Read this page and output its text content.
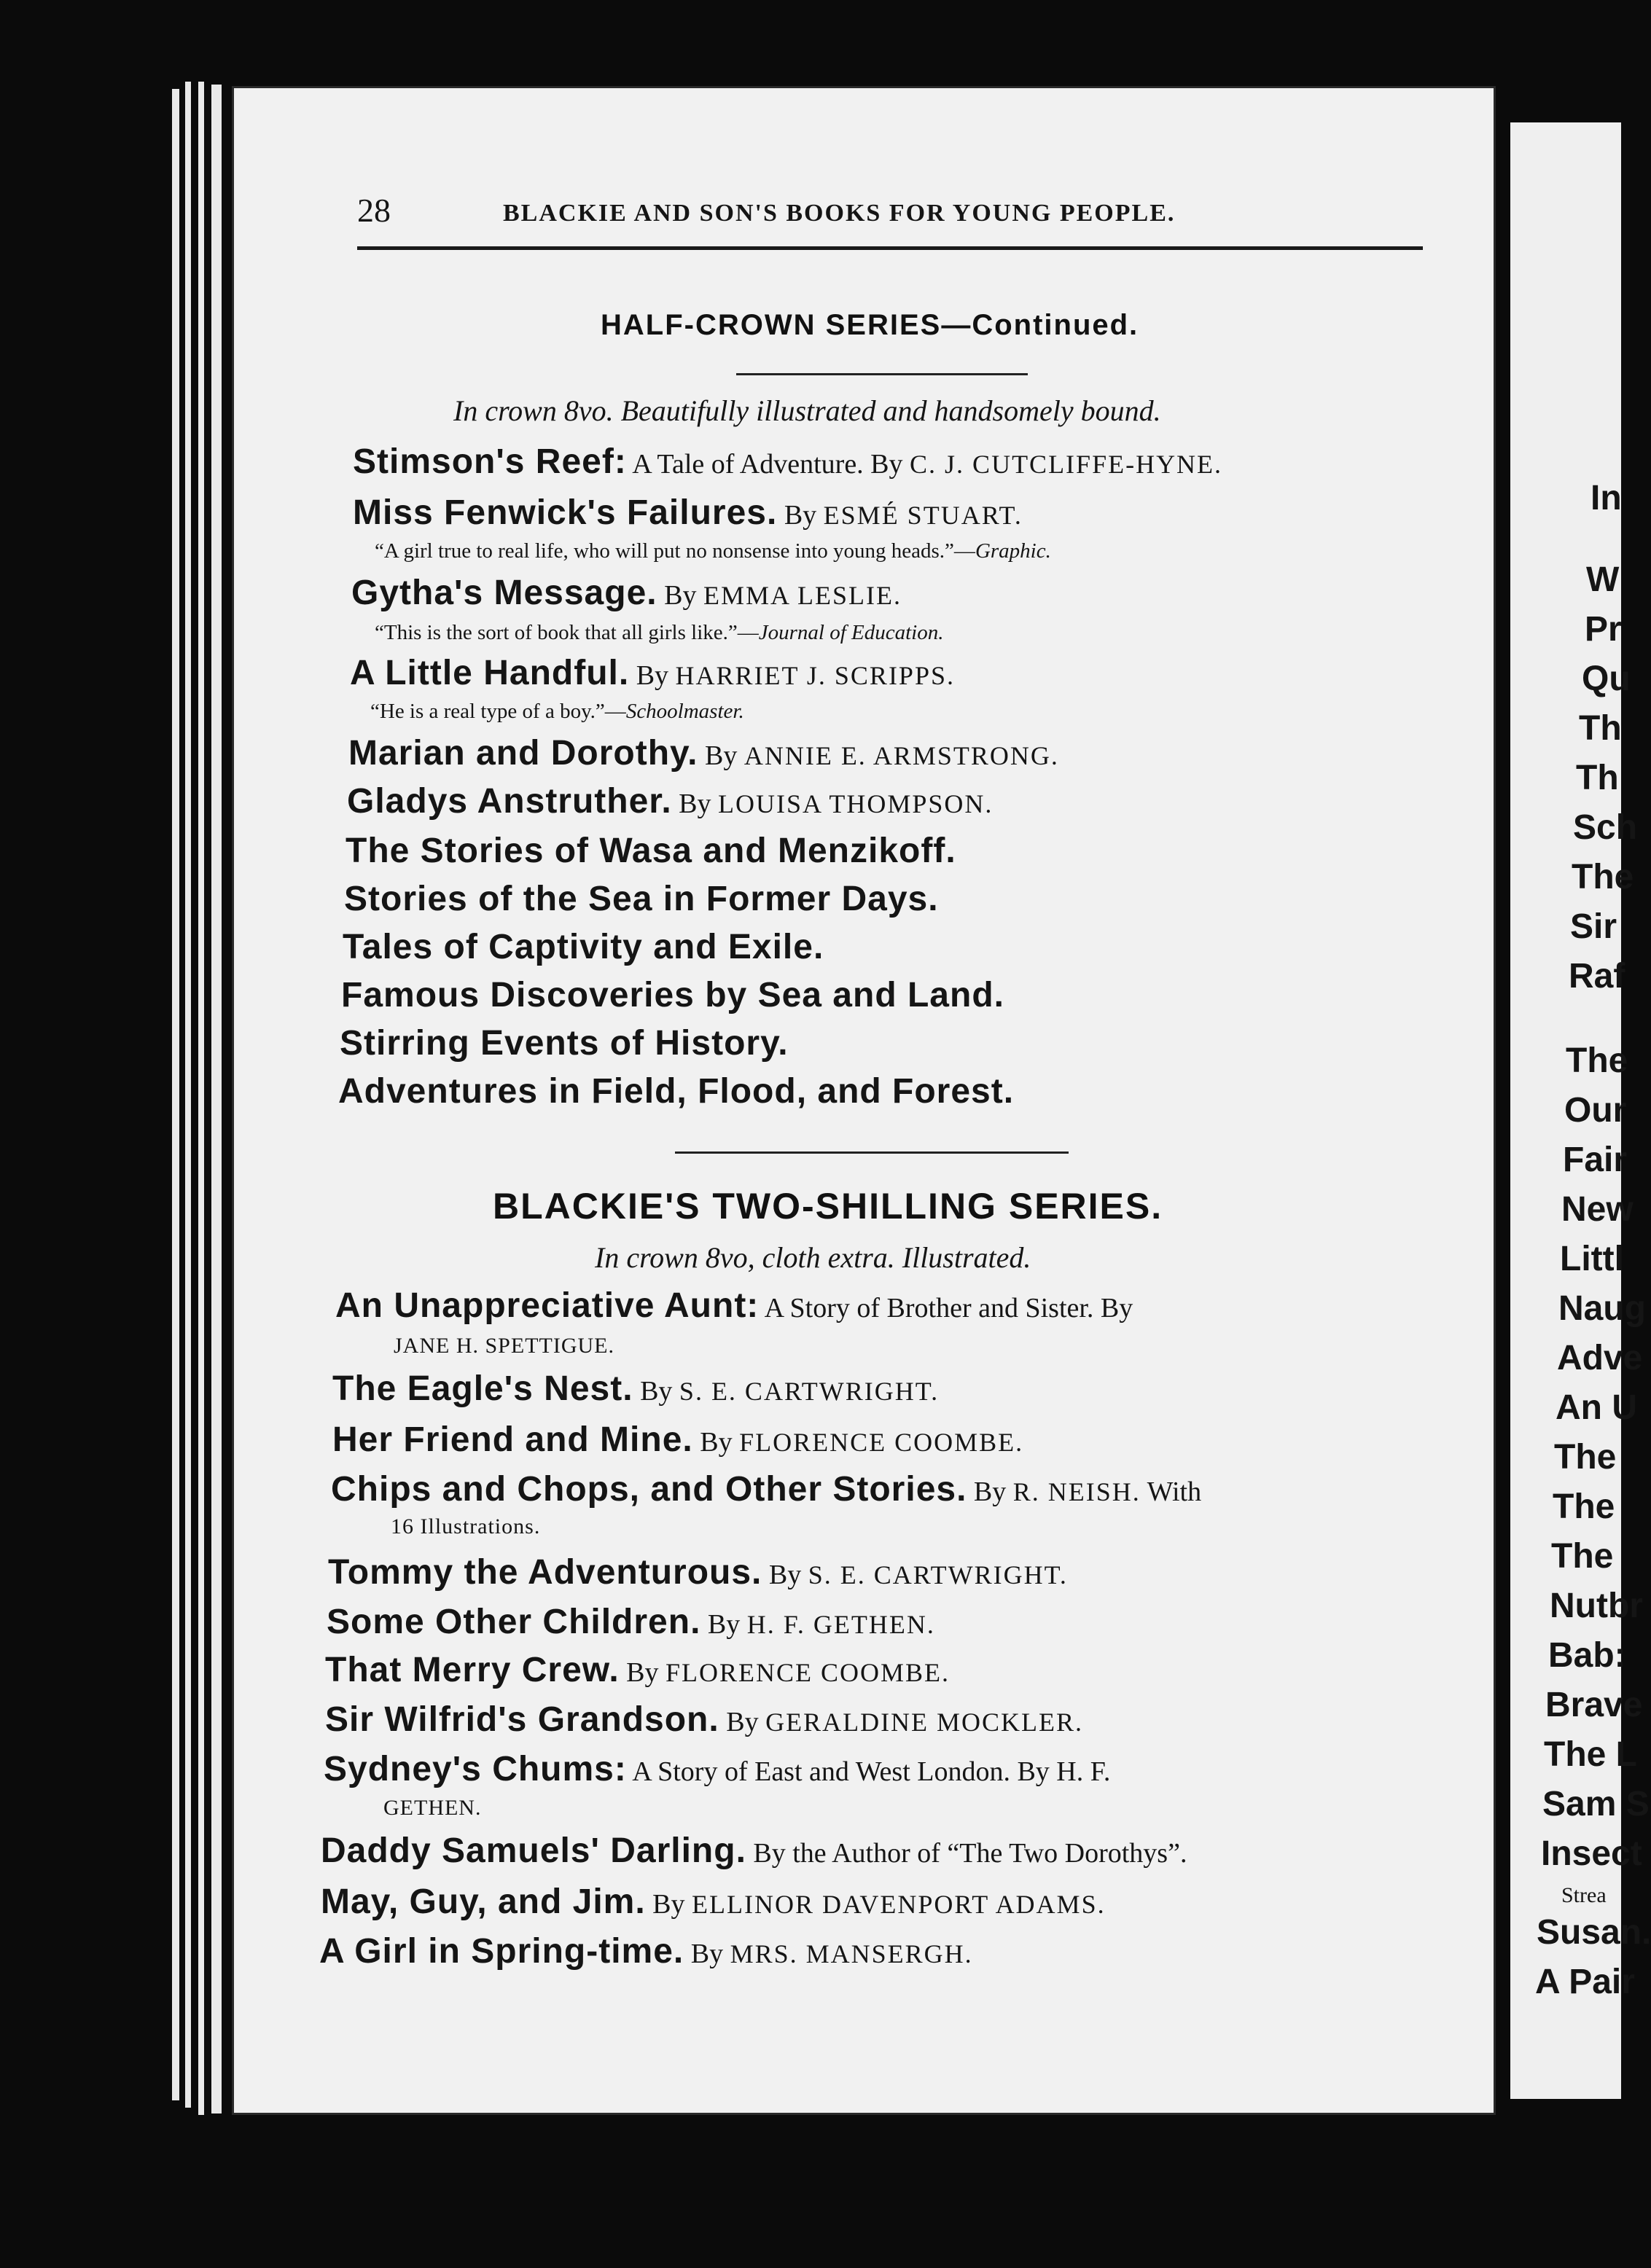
28	BLACKIE AND SON'S BOOKS FOR YOUNG PEOPLE.
HALF-CROWN SERIES—Continued.
In crown 8vo. Beautifully illustrated and handsomely bound.
Stimson's Reef: A Tale of Adventure. By C. J. CUTCLIFFE-HYNE.
Miss Fenwick's Failures. By ESMÉ STUART.
“A girl true to real life, who will put no nonsense into young heads.”—Graphic.
Gytha's Message. By EMMA LESLIE.
“This is the sort of book that all girls like.”—Journal of Education.
A Little Handful. By HARRIET J. SCRIPPS.
“He is a real type of a boy.”—Schoolmaster.
Marian and Dorothy. By ANNIE E. ARMSTRONG.
Gladys Anstruther. By LOUISA THOMPSON.
The Stories of Wasa and Menzikoff.
Stories of the Sea in Former Days.
Tales of Captivity and Exile.
Famous Discoveries by Sea and Land.
Stirring Events of History.
Adventures in Field, Flood, and Forest.
BLACKIE'S TWO-SHILLING SERIES.
In crown 8vo, cloth extra. Illustrated.
An Unappreciative Aunt: A Story of Brother and Sister. By
JANE H. SPETTIGUE.
The Eagle's Nest. By S. E. CARTWRIGHT.
Her Friend and Mine. By FLORENCE COOMBE.
Chips and Chops, and Other Stories. By R. NEISH. With
16 Illustrations.
Tommy the Adventurous. By S. E. CARTWRIGHT.
Some Other Children. By H. F. GETHEN.
That Merry Crew. By FLORENCE COOMBE.
Sir Wilfrid's Grandson. By GERALDINE MOCKLER.
Sydney's Chums: A Story of East and West London. By H. F.
GETHEN.
Daddy Samuels' Darling. By the Author of “The Two Dorothys”.
May, Guy, and Jim. By ELLINOR DAVENPORT ADAMS.
A Girl in Spring-time. By MRS. MANSERGH.
In
W
Pr
Qu
Th
Th
Sch
The
Sir
Raf
The
Our
Fair
New
Littl
Naug
Adve
An U
The
The
The
Nutbr
Bab:
Brave
The L
Sam S
Insect
Strea
Susan.
A Pair
